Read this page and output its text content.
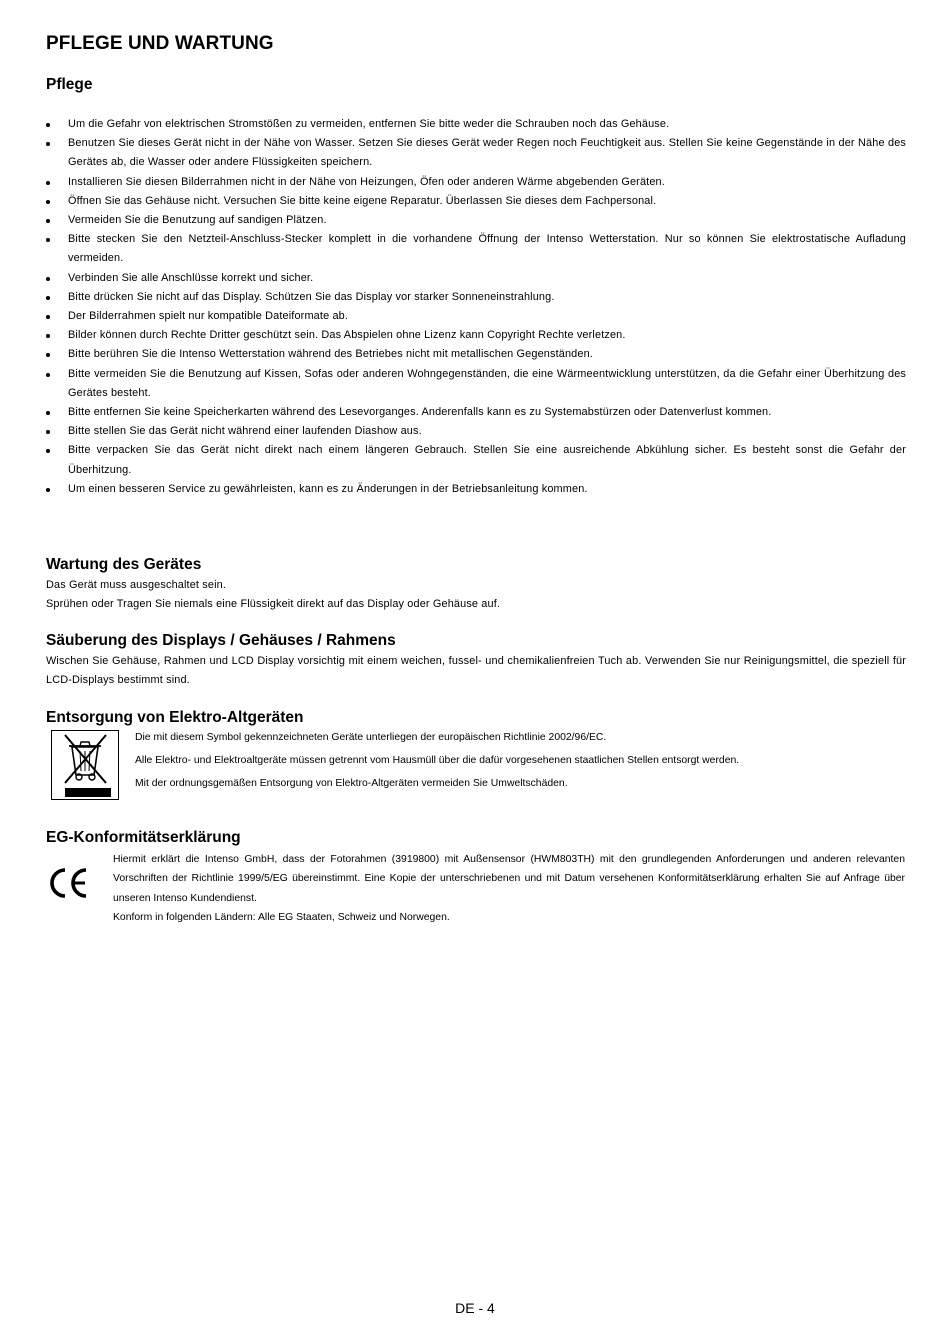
PFLEGE UND WARTUNG
Pflege
Um die Gefahr von elektrischen Stromstößen zu vermeiden, entfernen Sie bitte weder die Schrauben noch das Gehäuse.
Benutzen Sie dieses Gerät nicht in der Nähe von Wasser. Setzen Sie dieses Gerät weder Regen noch Feuchtigkeit aus. Stellen Sie keine Gegenstände in der Nähe des Gerätes ab, die Wasser oder andere Flüssigkeiten speichern.
Installieren Sie diesen Bilderrahmen nicht in der Nähe von Heizungen, Öfen oder anderen Wärme abgebenden Geräten.
Öffnen Sie das Gehäuse nicht. Versuchen Sie bitte keine eigene Reparatur. Überlassen Sie dieses dem Fachpersonal.
Vermeiden Sie die Benutzung auf sandigen Plätzen.
Bitte stecken Sie den Netzteil-Anschluss-Stecker komplett in die vorhandene Öffnung der Intenso Wetterstation. Nur so können Sie elektrostatische Aufladung vermeiden.
Verbinden Sie alle Anschlüsse korrekt und sicher.
Bitte drücken Sie nicht auf das Display. Schützen Sie das Display vor starker Sonneneinstrahlung.
Der Bilderrahmen spielt nur kompatible Dateiformate ab.
Bilder können durch Rechte Dritter geschützt sein. Das Abspielen ohne Lizenz kann Copyright Rechte verletzen.
Bitte berühren Sie die Intenso Wetterstation während des Betriebes nicht mit metallischen Gegenständen.
Bitte vermeiden Sie die Benutzung auf Kissen, Sofas oder anderen Wohngegenständen, die eine Wärmeentwicklung unterstützen, da die Gefahr einer Überhitzung des Gerätes besteht.
Bitte entfernen Sie keine Speicherkarten während des Lesevorganges. Anderenfalls kann es zu Systemabstürzen oder Datenverlust kommen.
Bitte stellen Sie das Gerät nicht während einer laufenden Diashow aus.
Bitte verpacken Sie das Gerät nicht direkt nach einem längeren Gebrauch. Stellen Sie eine ausreichende Abkühlung sicher. Es besteht sonst die Gefahr der Überhitzung.
Um einen besseren Service zu gewährleisten, kann es zu Änderungen in der Betriebsanleitung kommen.
Wartung des Gerätes

Das Gerät muss ausgeschaltet sein.

Sprühen oder Tragen Sie niemals eine Flüssigkeit direkt auf das Display oder Gehäuse auf.

Säuberung des Displays / Gehäuses / Rahmens
Wischen Sie Gehäuse, Rahmen und LCD Display vorsichtig mit einem weichen, fussel- und chemikalienfreien Tuch ab. Verwenden Sie nur Reinigungsmittel, die speziell für LCD-Displays bestimmt sind.
Entsorgung von Elektro-Altgeräten

Die mit diesem Symbol gekennzeichneten Geräte unterliegen der europäischen Richtlinie 2002/96/EC.

Alle Elektro- und Elektroaltgeräte müssen getrennt vom Hausmüll über die dafür vorgesehenen staatlichen Stellen entsorgt werden.

Mit der ordnungsgemäßen Entsorgung von Elektro-Altgeräten vermeiden Sie Umweltschäden.

EG-Konformitätserklärung

Hiermit erklärt die Intenso GmbH, dass der Fotorahmen (3919800) mit Außensensor (HWM803TH) mit den grundlegenden Anforderungen und anderen relevanten Vorschriften der Richtlinie 1999/5/EG übereinstimmt. Eine Kopie der unterschriebenen und mit Datum versehenen Konformitätserklärung erhalten Sie auf Anfrage über unseren Intenso Kundendienst.

Konform in folgenden Ländern: Alle EG Staaten, Schweiz und Norwegen.

DE - 4
